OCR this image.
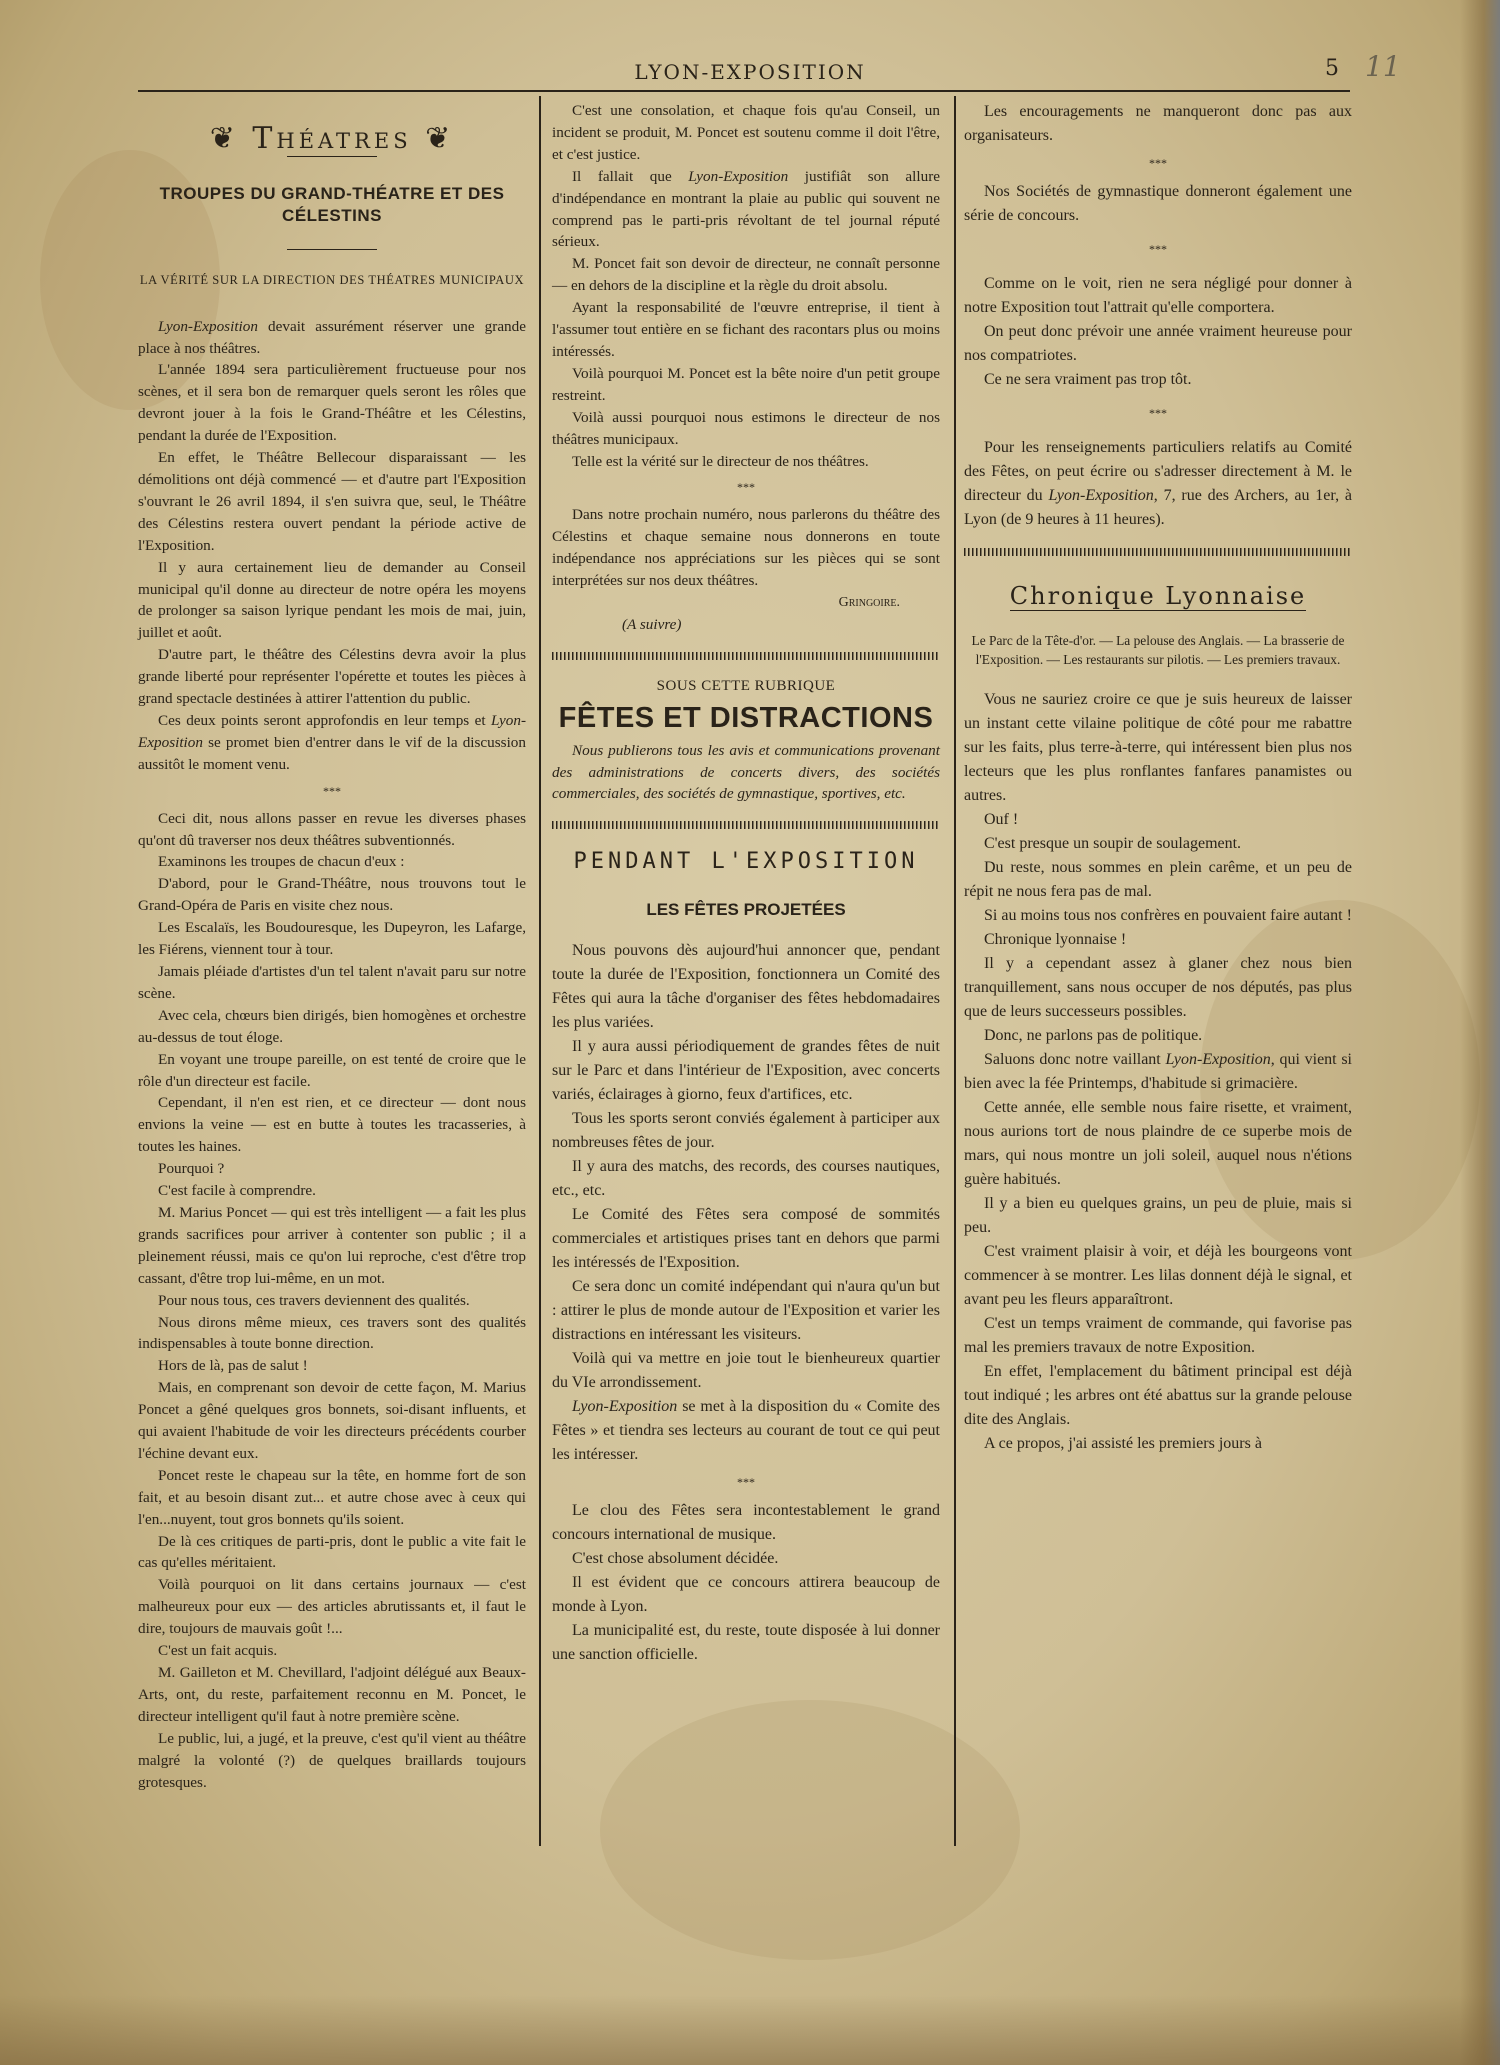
LYON-EXPOSITION	5 11
❦ Théatres ❦
TROUPES DU GRAND-THÉATRE ET DES CÉLESTINS
LA VÉRITÉ SUR LA DIRECTION DES THÉATRES MUNICIPAUX

Lyon-Exposition devait assurément réserver une grande place à nos théâtres.

L'année 1894 sera particulièrement fructueuse pour nos scènes, et il sera bon de remarquer quels seront les rôles que devront jouer à la fois le Grand-Théâtre et les Célestins, pendant la durée de l'Exposition.

En effet, le Théâtre Bellecour disparaissant — les démolitions ont déjà commencé — et d'autre part l'Exposition s'ouvrant le 26 avril 1894, il s'en suivra que, seul, le Théâtre des Célestins restera ouvert pendant la période active de l'Exposition.

Il y aura certainement lieu de demander au Conseil municipal qu'il donne au directeur de notre opéra les moyens de prolonger sa saison lyrique pendant les mois de mai, juin, juillet et août.

D'autre part, le théâtre des Célestins devra avoir la plus grande liberté pour représenter l'opérette et toutes les pièces à grand spectacle destinées à attirer l'attention du public.

Ces deux points seront approfondis en leur temps et Lyon-Exposition se promet bien d'entrer dans le vif de la discussion aussitôt le moment venu.

***

Ceci dit, nous allons passer en revue les diverses phases qu'ont dû traverser nos deux théâtres subventionnés.

Examinons les troupes de chacun d'eux :

D'abord, pour le Grand-Théâtre, nous trouvons tout le Grand-Opéra de Paris en visite chez nous.

Les Escalaïs, les Boudouresque, les Dupeyron, les Lafarge, les Fiérens, viennent tour à tour.

Jamais pléiade d'artistes d'un tel talent n'avait paru sur notre scène.

Avec cela, chœurs bien dirigés, bien homogènes et orchestre au-dessus de tout éloge.

En voyant une troupe pareille, on est tenté de croire que le rôle d'un directeur est facile.

Cependant, il n'en est rien, et ce directeur — dont nous envions la veine — est en butte à toutes les tracasseries, à toutes les haines.

Pourquoi ?

C'est facile à comprendre.

M. Marius Poncet — qui est très intelligent — a fait les plus grands sacrifices pour arriver à contenter son public ; il a pleinement réussi, mais ce qu'on lui reproche, c'est d'être trop cassant, d'être trop lui-même, en un mot.

Pour nous tous, ces travers deviennent des qualités.

Nous dirons même mieux, ces travers sont des qualités indispensables à toute bonne direction.

Hors de là, pas de salut !

Mais, en comprenant son devoir de cette façon, M. Marius Poncet a gêné quelques gros bonnets, soi-disant influents, et qui avaient l'habitude de voir les directeurs précédents courber l'échine devant eux.

Poncet reste le chapeau sur la tête, en homme fort de son fait, et au besoin disant zut... et autre chose avec à ceux qui l'en...nuyent, tout gros bonnets qu'ils soient.

De là ces critiques de parti-pris, dont le public a vite fait le cas qu'elles méritaient.

Voilà pourquoi on lit dans certains journaux — c'est malheureux pour eux — des articles abrutissants et, il faut le dire, toujours de mauvais goût !...

C'est un fait acquis.

M. Gailleton et M. Chevillard, l'adjoint délégué aux Beaux-Arts, ont, du reste, parfaitement reconnu en M. Poncet, le directeur intelligent qu'il faut à notre première scène.

Le public, lui, a jugé, et la preuve, c'est qu'il vient au théâtre malgré la volonté (?) de quelques braillards toujours grotesques.

C'est une consolation, et chaque fois qu'au Conseil, un incident se produit, M. Poncet est soutenu comme il doit l'être, et c'est justice.

Il fallait que Lyon-Exposition justifiât son allure d'indépendance en montrant la plaie au public qui souvent ne comprend pas le parti-pris révoltant de tel journal réputé sérieux.

M. Poncet fait son devoir de directeur, ne connaît personne — en dehors de la discipline et la règle du droit absolu.

Ayant la responsabilité de l'œuvre entreprise, il tient à l'assumer tout entière en se fichant des racontars plus ou moins intéressés.

Voilà pourquoi M. Poncet est la bête noire d'un petit groupe restreint.

Voilà aussi pourquoi nous estimons le directeur de nos théâtres municipaux.

Telle est la vérité sur le directeur de nos théâtres.

***

Dans notre prochain numéro, nous parlerons du théâtre des Célestins et chaque semaine nous donnerons en toute indépendance nos appréciations sur les pièces qui se sont interprétées sur nos deux théâtres.

Gringoire.
(A suivre)
SOUS CETTE RUBRIQUE
FÊTES ET DISTRACTIONS
Nous publierons tous les avis et communications provenant des administrations de concerts divers, des sociétés commerciales, des sociétés de gymnastique, sportives, etc.
PENDANT L'EXPOSITION
LES FÊTES PROJETÉES

Nous pouvons dès aujourd'hui annoncer que, pendant toute la durée de l'Exposition, fonctionnera un Comité des Fêtes qui aura la tâche d'organiser des fêtes hebdomadaires les plus variées.

Il y aura aussi périodiquement de grandes fêtes de nuit sur le Parc et dans l'intérieur de l'Exposition, avec concerts variés, éclairages à giorno, feux d'artifices, etc.

Tous les sports seront conviés également à participer aux nombreuses fêtes de jour.

Il y aura des matchs, des records, des courses nautiques, etc., etc.

Le Comité des Fêtes sera composé de sommités commerciales et artistiques prises tant en dehors que parmi les intéressés de l'Exposition.

Ce sera donc un comité indépendant qui n'aura qu'un but : attirer le plus de monde autour de l'Exposition et varier les distractions en intéressant les visiteurs.

Voilà qui va mettre en joie tout le bienheureux quartier du VIe arrondissement.

Lyon-Exposition se met à la disposition du « Comite des Fêtes » et tiendra ses lecteurs au courant de tout ce qui peut les intéresser.

***

Le clou des Fêtes sera incontestablement le grand concours international de musique.

C'est chose absolument décidée.

Il est évident que ce concours attirera beaucoup de monde à Lyon.

La municipalité est, du reste, toute disposée à lui donner une sanction officielle.

Les encouragements ne manqueront donc pas aux organisateurs.

***

Nos Sociétés de gymnastique donneront également une série de concours.

***

Comme on le voit, rien ne sera négligé pour donner à notre Exposition tout l'attrait qu'elle comportera.

On peut donc prévoir une année vraiment heureuse pour nos compatriotes.

Ce ne sera vraiment pas trop tôt.

***

Pour les renseignements particuliers relatifs au Comité des Fêtes, on peut écrire ou s'adresser directement à M. le directeur du Lyon-Exposition, 7, rue des Archers, au 1er, à Lyon (de 9 heures à 11 heures).

Chronique Lyonnaise
Le Parc de la Tête-d'or. — La pelouse des Anglais. — La brasserie de l'Exposition. — Les restaurants sur pilotis. — Les premiers travaux.

Vous ne sauriez croire ce que je suis heureux de laisser un instant cette vilaine politique de côté pour me rabattre sur les faits, plus terre-à-terre, qui intéressent bien plus nos lecteurs que les plus ronflantes fanfares panamistes ou autres.

Ouf !

C'est presque un soupir de soulagement.

Du reste, nous sommes en plein carême, et un peu de répit ne nous fera pas de mal.

Si au moins tous nos confrères en pouvaient faire autant !

Chronique lyonnaise !

Il y a cependant assez à glaner chez nous bien tranquillement, sans nous occuper de nos députés, pas plus que de leurs successeurs possibles.

Donc, ne parlons pas de politique.

Saluons donc notre vaillant Lyon-Exposition, qui vient si bien avec la fée Printemps, d'habitude si grimacière.

Cette année, elle semble nous faire risette, et vraiment, nous aurions tort de nous plaindre de ce superbe mois de mars, qui nous montre un joli soleil, auquel nous n'étions guère habitués.

Il y a bien eu quelques grains, un peu de pluie, mais si peu.

C'est vraiment plaisir à voir, et déjà les bourgeons vont commencer à se montrer. Les lilas donnent déjà le signal, et avant peu les fleurs apparaîtront.

C'est un temps vraiment de commande, qui favorise pas mal les premiers travaux de notre Exposition.

En effet, l'emplacement du bâtiment principal est déjà tout indiqué ; les arbres ont été abattus sur la grande pelouse dite des Anglais.

A ce propos, j'ai assisté les premiers jours à
